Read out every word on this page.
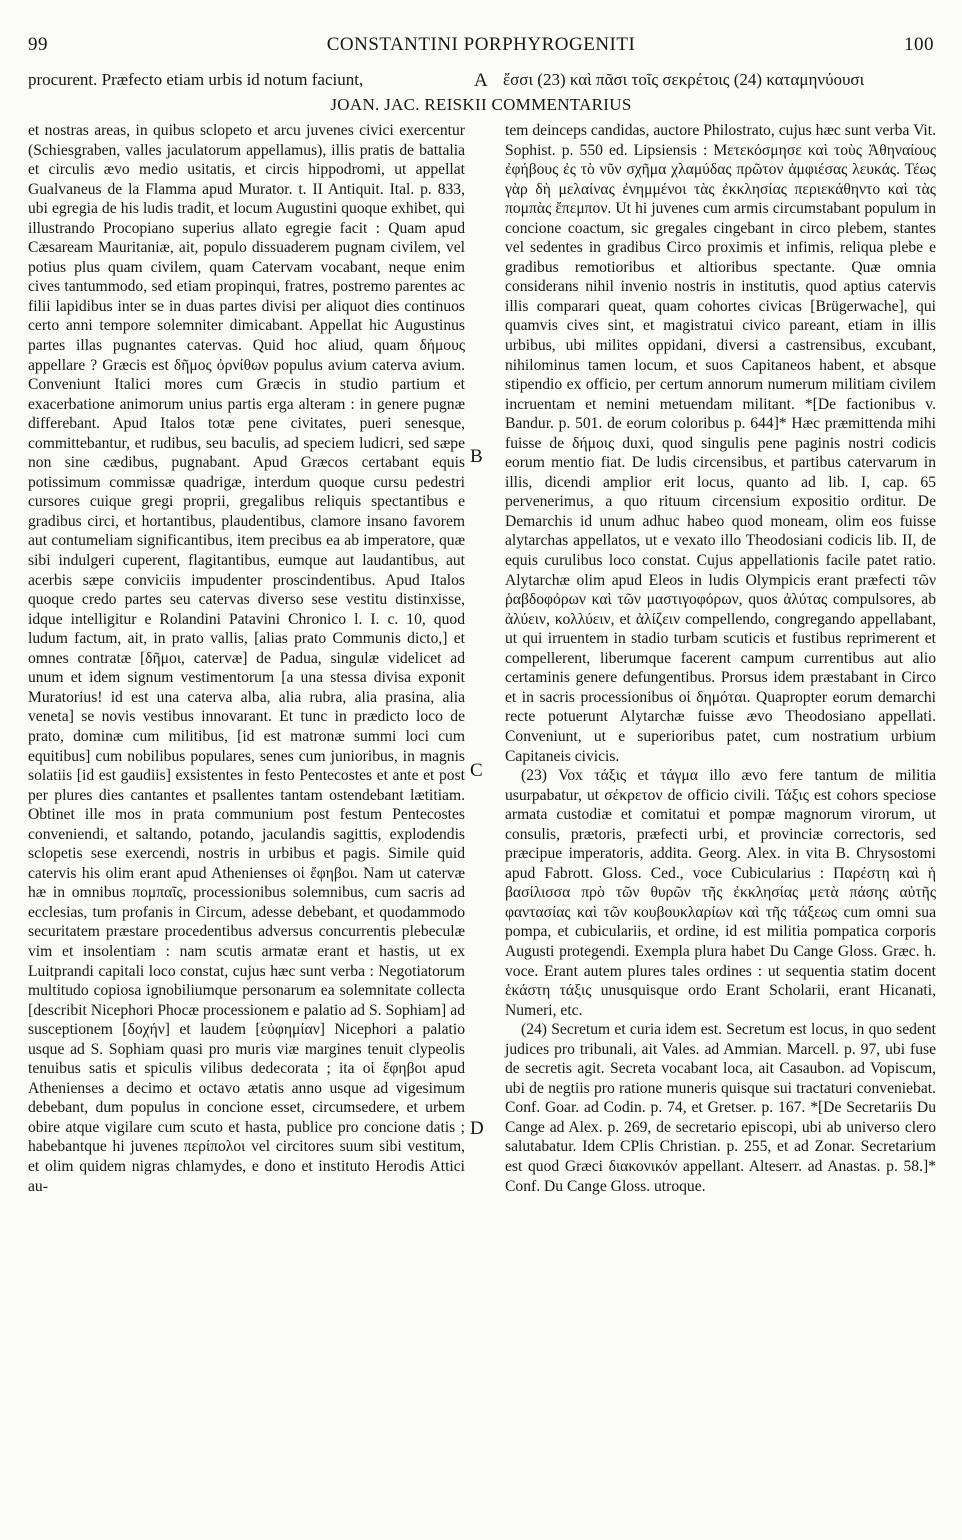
99	CONSTANTINI PORPHYROGENITI	100
procurent. Præfecto etiam urbis id notum faciunt,	A ἔσσι (23) καὶ πᾶσι τοῖς σεκρέτοις (24) καταμηνύουσι
JOAN. JAC. REISKII COMMENTARIUS

et nostras areas, in quibus sclopeto et arcu juvenes civici exercentur (Schiesgraben, valles jaculatorum appellamus), illis pratis de battalia et circulis ævo medio usitatis, et circis hippodromi, ut appellat Gualvaneus de la Flamma apud Murator. t. II Antiquit. Ital. p. 833, ubi egregia de his ludis tradit, et locum Augustini quoque exhibet, qui illustrando Procopiano superius allato egregie facit : Quam apud Cæsaream Mauritaniæ, ait, populo dissuaderem pugnam civilem, vel potius plus quam civilem, quam Catervam vocabant, neque enim cives tantummodo, sed etiam propinqui, fratres, postremo parentes ac filii lapidibus inter se in duas partes divisi per aliquot dies continuos certo anni tempore solemniter dimicabant. Appellat hic Augustinus partes illas pugnantes catervas. Quid hoc aliud, quam δήμους appellare ? Græcis est δῆμος ὀρνίθων populus avium caterva avium. Conveniunt Italici mores cum Græcis in studio partium et exacerbatione animorum unius partis erga alteram : in genere pugnæ differebant. Apud Italos totæ pene civitates, pueri senesque, committebantur, et rudibus, seu baculis, ad speciem ludicri, sed sæpe non sine cædibus, pugnabant. Apud Græcos certabant equis potissimum commissæ quadrigæ, interdum quoque cursu pedestri cursores cuique gregi proprii, gregalibus reliquis spectantibus e gradibus circi, et hortantibus, plaudentibus, clamore insano favorem aut contumeliam significantibus, item precibus ea ab imperatore, quæ sibi indulgeri cuperent, flagitantibus, eumque aut laudantibus, aut acerbis sæpe conviciis impudenter proscindentibus. Apud Italos quoque credo partes seu catervas diverso sese vestitu distinxisse, idque intelligitur e Rolandini Patavini Chronico l. I. c. 10, quod ludum factum, ait, in prato vallis, [alias prato Communis dicto,] et omnes contratæ [δῆμοι, catervæ] de Padua, singulæ videlicet ad unum et idem signum vestimentorum [a una stessa divisa exponit Muratorius! id est una caterva alba, alia rubra, alia prasina, alia veneta] se novis vestibus innovarant. Et tunc in prædicto loco de prato, dominæ cum militibus, [id est matronæ summi loci cum equitibus] cum nobilibus populares, senes cum junioribus, in magnis solatiis [id est gaudiis] exsistentes in festo Pentecostes et ante et post per plures dies cantantes et psallentes tantam ostendebant lætitiam. Obtinet ille mos in prata communium post festum Pentecostes conveniendi, et saltando, potando, jaculandis sagittis, explodendis sclopetis sese exercendi, nostris in urbibus et pagis. Simile quid catervis his olim erant apud Athenienses οἱ ἔφηβοι. Nam ut catervæ hæ in omnibus πομπαῖς, processionibus solemnibus, cum sacris ad ecclesias, tum profanis in Circum, adesse debebant, et quodammodo securitatem præstare procedentibus adversus concurrentis plebeculæ vim et insolentiam : nam scutis armatæ erant et hastis, ut ex Luitprandi capitali loco constat, cujus hæc sunt verba : Negotiatorum multitudo copiosa ignobiliumque personarum ea solemnitate collecta [describit Nicephori Phocæ processionem e palatio ad S. Sophiam] ad susceptionem [δοχήν] et laudem [εὐφημίαν] Nicephori a palatio usque ad S. Sophiam quasi pro muris viæ margines tenuit clypeolis tenuibus satis et spiculis vilibus dedecorata ; ita οἱ ἔφηβοι apud Athenienses a decimo et octavo ætatis anno usque ad vigesimum debebant, dum populus in concione esset, circumsedere, et urbem obire atque vigilare cum scuto et hasta, publice pro concione datis ; habebantque hi juvenes περίπολοι vel circitores suum sibi vestitum, et olim quidem nigras chlamydes, e dono et instituto Herodis Attici au-

B
C
D

tem deinceps candidas, auctore Philostrato, cujus hæc sunt verba Vit. Sophist. p. 550 ed. Lipsiensis : Μετεκόσμησε καὶ τοὺς Ἀθηναίους ἐφήβους ἐς τὸ νῦν σχῆμα χλαμύδας πρῶτον ἀμφιέσας λευκάς. Τέως γὰρ δὴ μελαίνας ἐνημμένοι τὰς ἐκκλησίας περιεκάθηντο καὶ τὰς πομπὰς ἔπεμπον. Ut hi juvenes cum armis circumstabant populum in concione coactum, sic gregales cingebant in circo plebem, stantes vel sedentes in gradibus Circo proximis et infimis, reliqua plebe e gradibus remotioribus et altioribus spectante. Quæ omnia considerans nihil invenio nostris in institutis, quod aptius catervis illis comparari queat, quam cohortes civicas [Brügerwache], qui quamvis cives sint, et magistratui civico pareant, etiam in illis urbibus, ubi milites oppidani, diversi a castrensibus, excubant, nihilominus tamen locum, et suos Capitaneos habent, et absque stipendio ex officio, per certum annorum numerum militiam civilem incruentam et nemini metuendam militant. *[De factionibus v. Bandur. p. 501. de eorum coloribus p. 644]* Hæc præmittenda mihi fuisse de δήμοις duxi, quod singulis pene paginis nostri codicis eorum mentio fiat. De ludis circensibus, et partibus catervarum in illis, dicendi amplior erit locus, quanto ad lib. I, cap. 65 pervenerimus, a quo rituum circensium expositio orditur. De Demarchis id unum adhuc habeo quod moneam, olim eos fuisse alytarchas appellatos, ut e vexato illo Theodosiani codicis lib. II, de equis curulibus loco constat. Cujus appellationis facile patet ratio. Alytarchæ olim apud Eleos in ludis Olympicis erant præfecti τῶν ῥαβδοφόρων καὶ τῶν μαστιγοφόρων, quos ἀλύτας compulsores, ab ἀλύειν, κολλύειν, et ἀλίζειν compellendo, congregando appellabant, ut qui irruentem in stadio turbam scuticis et fustibus reprimerent et compellerent, liberumque facerent campum currentibus aut alio certaminis genere defungentibus. Prorsus idem præstabant in Circo et in sacris processionibus οἱ δημόται. Quapropter eorum demarchi recte potuerunt Alytarchæ fuisse ævo Theodosiano appellati. Conveniunt, ut e superioribus patet, cum nostratium urbium Capitaneis civicis.

(23) Vox τάξις et τάγμα illo ævo fere tantum de militia usurpabatur, ut σέκρετον de officio civili. Τάξις est cohors speciose armata custodiæ et comitatui et pompæ magnorum virorum, ut consulis, prætoris, præfecti urbi, et provinciæ correctoris, sed præcipue imperatoris, addita. Georg. Alex. in vita B. Chrysostomi apud Fabrott. Gloss. Ced., voce Cubicularius : Παρέστη καὶ ἡ βασίλισσα πρὸ τῶν θυρῶν τῆς ἐκκλησίας μετὰ πάσης αὐτῆς φαντασίας καὶ τῶν κουβουκλαρίων καὶ τῆς τάξεως cum omni sua pompa, et cubiculariis, et ordine, id est militia pompatica corporis Augusti protegendi. Exempla plura habet Du Cange Gloss. Græc. h. voce. Erant autem plures tales ordines : ut sequentia statim docent ἑκάστη τάξις unusquisque ordo Erant Scholarii, erant Hicanati, Numeri, etc.

(24) Secretum et curia idem est. Secretum est locus, in quo sedent judices pro tribunali, ait Vales. ad Ammian. Marcell. p. 97, ubi fuse de secretis agit. Secreta vocabant loca, ait Casaubon. ad Vopiscum, ubi de negtiis pro ratione muneris quisque sui tractaturi conveniebat. Conf. Goar. ad Codin. p. 74, et Gretser. p. 167. *[De Secretariis Du Cange ad Alex. p. 269, de secretario episcopi, ubi ab universo clero salutabatur. Idem CPlis Christian. p. 255, et ad Zonar. Secretarium est quod Græci διακονικόν appellant. Alteserr. ad Anastas. p. 58.]* Conf. Du Cange Gloss. utroque.
